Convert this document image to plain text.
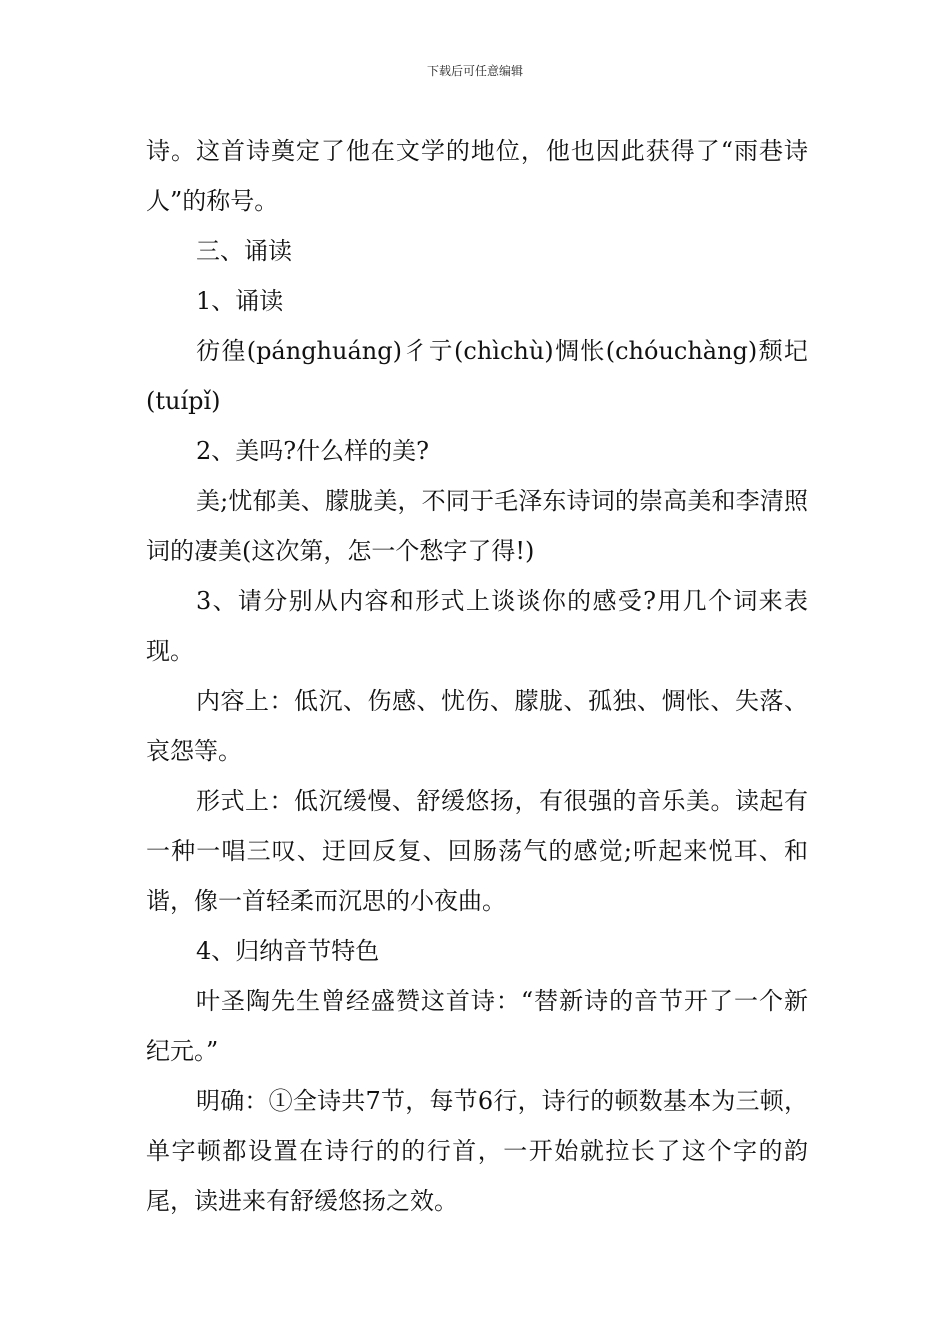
下载后可任意编辑

诗。这首诗奠定了他在文学的地位，他也因此获得了“雨巷诗人”的称号。

三、诵读

1、诵读

彷徨(pánghuáng)彳亍(chìchù)惆怅(chóuchàng)颓圮(tuípǐ)

2、美吗?什么样的美?

美;忧郁美、朦胧美，不同于毛泽东诗词的崇高美和李清照词的凄美(这次第，怎一个愁字了得!)

3、请分别从内容和形式上谈谈你的感受?用几个词来表现。

内容上：低沉、伤感、忧伤、朦胧、孤独、惆怅、失落、哀怨等。

形式上：低沉缓慢、舒缓悠扬，有很强的音乐美。读起有一种一唱三叹、迂回反复、回肠荡气的感觉;听起来悦耳、和谐，像一首轻柔而沉思的小夜曲。

4、归纳音节特色

叶圣陶先生曾经盛赞这首诗：“替新诗的音节开了一个新纪元。”

明确：①全诗共7节，每节6行，诗行的顿数基本为三顿，单字顿都设置在诗行的的行首，一开始就拉长了这个字的韵尾，读进来有舒缓悠扬之效。
